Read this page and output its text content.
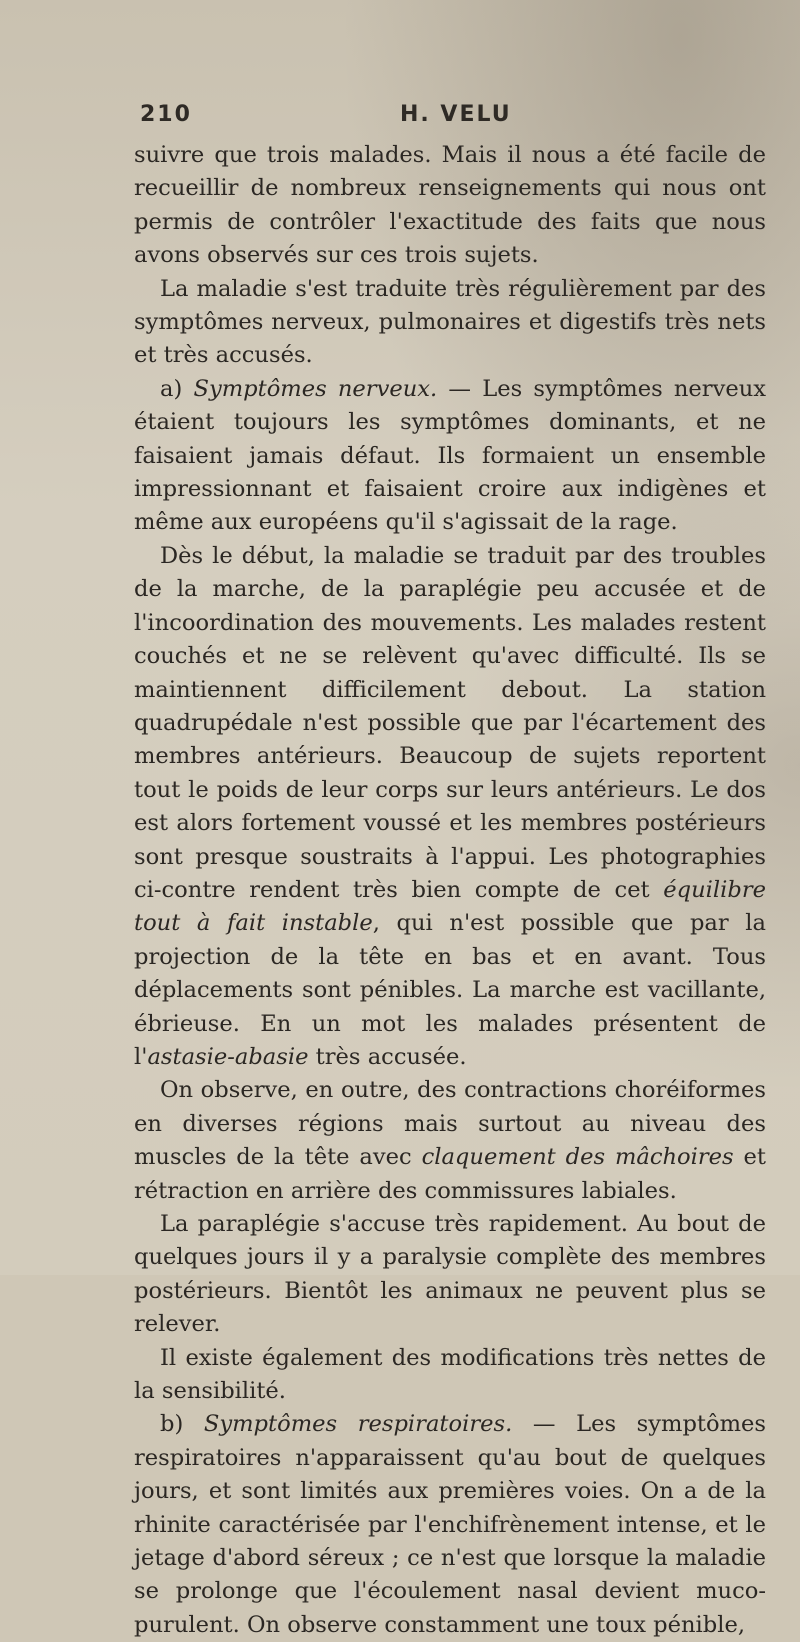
210	H. VELU

suivre que trois malades. Mais il nous a été facile de recueillir de nombreux renseignements qui nous ont permis de contrôler l'exactitude des faits que nous avons observés sur ces trois sujets.

La maladie s'est traduite très régulièrement par des symptômes nerveux, pulmonaires et digestifs très nets et très accusés.

a) Symptômes nerveux. — Les symptômes nerveux étaient toujours les symptômes dominants, et ne faisaient jamais défaut. Ils formaient un ensemble impressionnant et faisaient croire aux indigènes et même aux européens qu'il s'agissait de la rage.

Dès le début, la maladie se traduit par des troubles de la marche, de la paraplégie peu accusée et de l'incoordination des mouvements. Les malades restent couchés et ne se relèvent qu'avec difficulté. Ils se maintiennent difficilement debout. La station quadrupédale n'est possible que par l'écartement des membres antérieurs. Beaucoup de sujets reportent tout le poids de leur corps sur leurs antérieurs. Le dos est alors fortement voussé et les membres postérieurs sont presque soustraits à l'appui. Les photographies ci-contre rendent très bien compte de cet équilibre tout à fait instable, qui n'est possible que par la projection de la tête en bas et en avant. Tous déplacements sont pénibles. La marche est vacillante, ébrieuse. En un mot les malades présentent de l'astasie-abasie très accusée.

On observe, en outre, des contractions choréiformes en diverses régions mais surtout au niveau des muscles de la tête avec claquement des mâchoires et rétraction en arrière des commissures labiales.

La paraplégie s'accuse très rapidement. Au bout de quelques jours il y a paralysie complète des membres postérieurs. Bientôt les animaux ne peuvent plus se relever.

Il existe également des modifications très nettes de la sensibilité.

b) Symptômes respiratoires. — Les symptômes respiratoires n'apparaissent qu'au bout de quelques jours, et sont limités aux premières voies. On a de la rhinite caractérisée par l'enchifrènement intense, et le jetage d'abord séreux ; ce n'est que lorsque la maladie se prolonge que l'écoulement nasal devient muco-purulent. On observe constamment une toux pénible,
